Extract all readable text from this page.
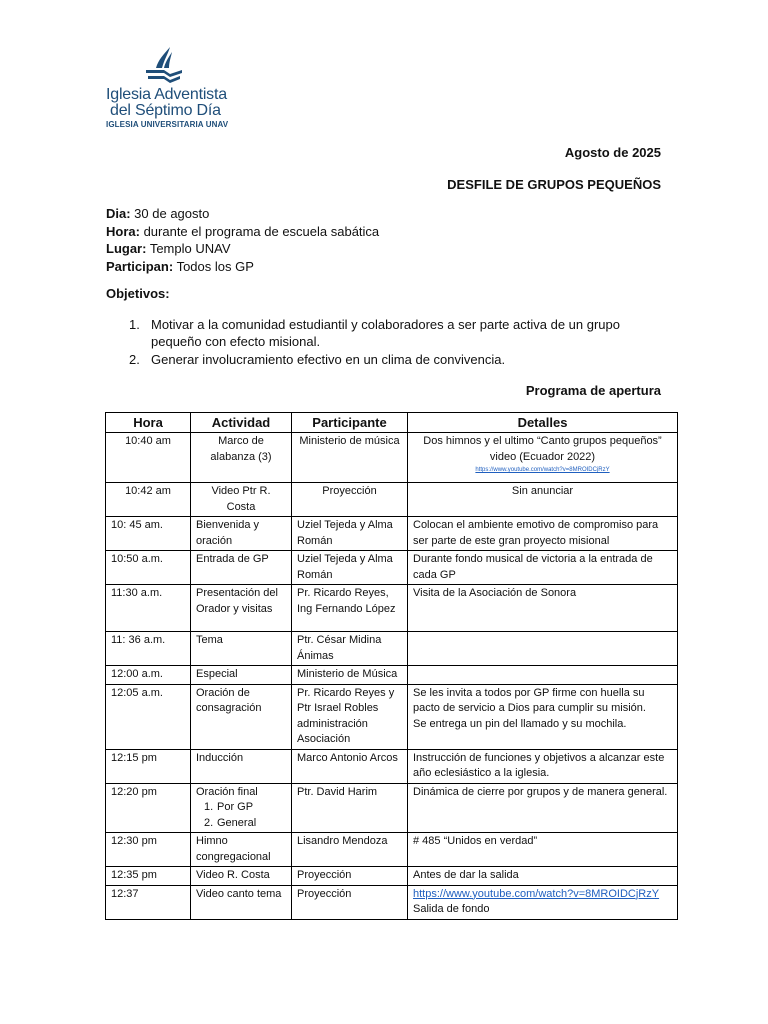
Iglesia Adventista
del Séptimo Día
IGLESIA UNIVERSITARIA UNAV
Agosto de 2025
DESFILE DE GRUPOS PEQUEÑOS
Dia: 30 de agosto
Hora: durante el programa de escuela sabática
Lugar: Templo UNAV
Participan: Todos los GP
Objetivos:
1. Motivar a la comunidad estudiantil y colaboradores a ser parte activa de un grupo pequeño con efecto misional.
2. Generar involucramiento efectivo en un clima de convivencia.
Programa de apertura
Hora	Actividad	Participante	Detalles
10:40 am	Marco de alabanza (3)	Ministerio de música	Dos himnos y el ultimo “Canto grupos pequeños” video (Ecuador 2022)
https://www.youtube.com/watch?v=8MROIDCjRzY

10:42 am	Video Ptr R. Costa	Proyección	Sin anunciar
10: 45 am.	Bienvenida y oración	Uziel Tejeda y Alma Román	Colocan el ambiente emotivo de compromiso para ser parte de este gran proyecto misional
10:50 a.m.	Entrada de GP	Uziel Tejeda y Alma Román	Durante fondo musical de victoria a la entrada de cada GP
11:30 a.m.	Presentación del Orador y visitas	Pr. Ricardo Reyes, Ing Fernando López	Visita de la Asociación de Sonora
11: 36 a.m.	Tema	Ptr. César Midina Ánimas	
12:00 a.m.	Especial	Ministerio de Música	
12:05 a.m.	Oración de consagración	Pr. Ricardo Reyes y Ptr Israel Robles administración Asociación	Se les invita a todos por GP firme con huella su pacto de servicio a Dios para cumplir su misión.
Se entrega un pin del llamado y su mochila.
12:15 pm	Inducción	Marco Antonio Arcos	Instrucción de funciones y objetivos a alcanzar este año eclesiástico a la iglesia.
12:20 pm	Oración final
1. Por GP
2. General	Ptr. David Harim	Dinámica de cierre por grupos y de manera general.
12:30 pm	Himno congregacional	Lisandro Mendoza	# 485 “Unidos en verdad”
12:35 pm	Video R. Costa	Proyección	Antes de dar la salida
12:37	Video canto tema	Proyección	https://www.youtube.com/watch?v=8MROIDCjRzY
Salida de fondo
